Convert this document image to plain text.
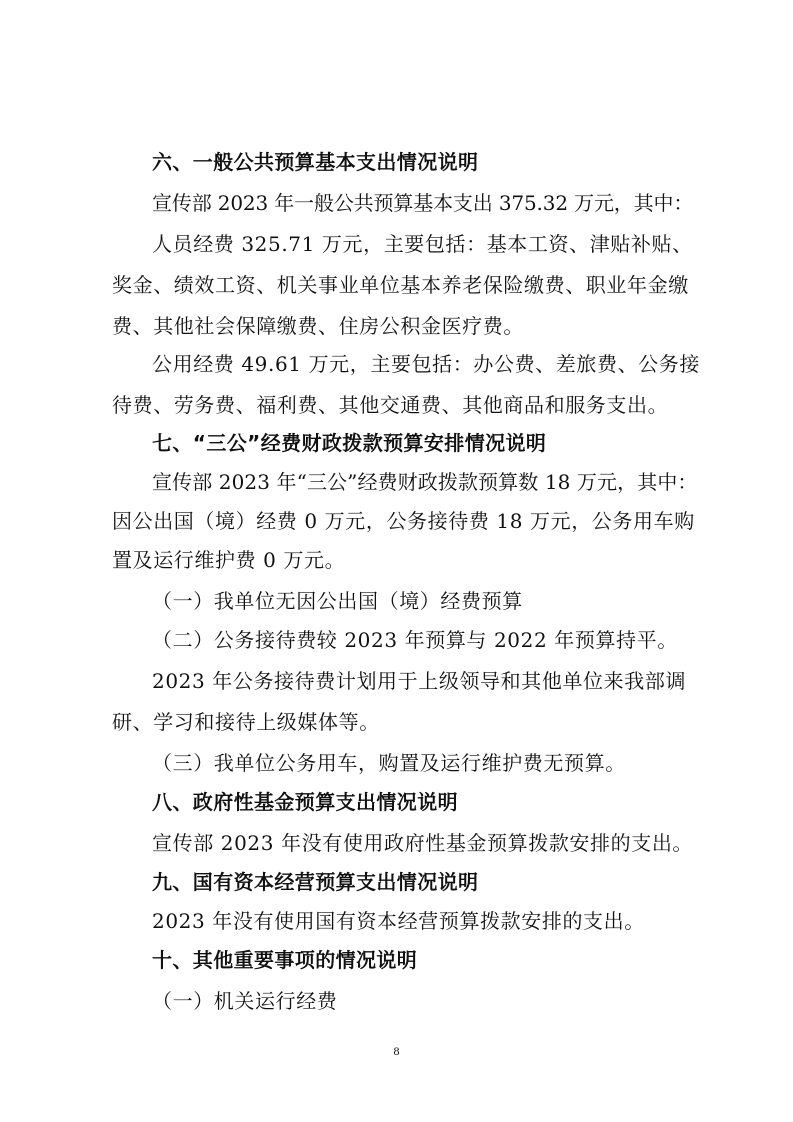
六、一般公共预算基本支出情况说明
宣传部 2023 年一般公共预算基本支出 375.32 万元，其中：
人员经费 325.71 万元，主要包括：基本工资、津贴补贴、
奖金、绩效工资、机关事业单位基本养老保险缴费、职业年金缴
费、其他社会保障缴费、住房公积金医疗费。
公用经费 49.61 万元，主要包括：办公费、差旅费、公务接
待费、劳务费、福利费、其他交通费、其他商品和服务支出。
七、“三公”经费财政拨款预算安排情况说明
宣传部 2023 年“三公”经费财政拨款预算数 18 万元，其中：
因公出国（境）经费 0 万元，公务接待费 18 万元，公务用车购
置及运行维护费 0 万元。
（一）我单位无因公出国（境）经费预算
（二）公务接待费较 2023 年预算与 2022 年预算持平。
2023 年公务接待费计划用于上级领导和其他单位来我部调
研、学习和接待上级媒体等。
（三）我单位公务用车，购置及运行维护费无预算。
八、政府性基金预算支出情况说明
宣传部 2023 年没有使用政府性基金预算拨款安排的支出。
九、国有资本经营预算支出情况说明
2023 年没有使用国有资本经营预算拨款安排的支出。
十、其他重要事项的情况说明
（一）机关运行经费
8
